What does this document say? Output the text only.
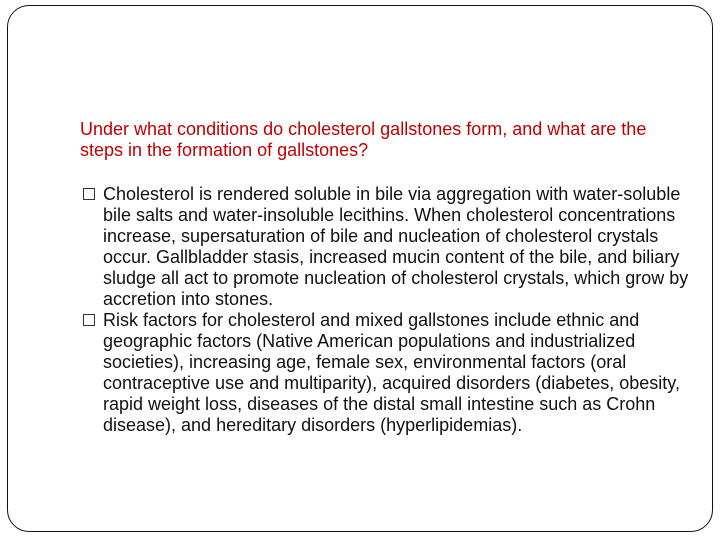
Under what conditions do cholesterol gallstones form, and what are the steps in the formation of gallstones?
Cholesterol is rendered soluble in bile via aggregation with water-soluble bile salts and water-insoluble lecithins. When cholesterol concentrations increase, supersaturation of bile and nucleation of cholesterol crystals occur. Gallbladder stasis, increased mucin content of the bile, and biliary sludge all act to promote nucleation of cholesterol crystals, which grow by accretion into stones.
Risk factors for cholesterol and mixed gallstones include ethnic and geographic factors (Native American populations and industrialized societies), increasing age, female sex, environmental factors (oral contraceptive use and multiparity), acquired disorders (diabetes, obesity, rapid weight loss, diseases of the distal small intestine such as Crohn disease), and hereditary disorders (hyperlipidemias).
